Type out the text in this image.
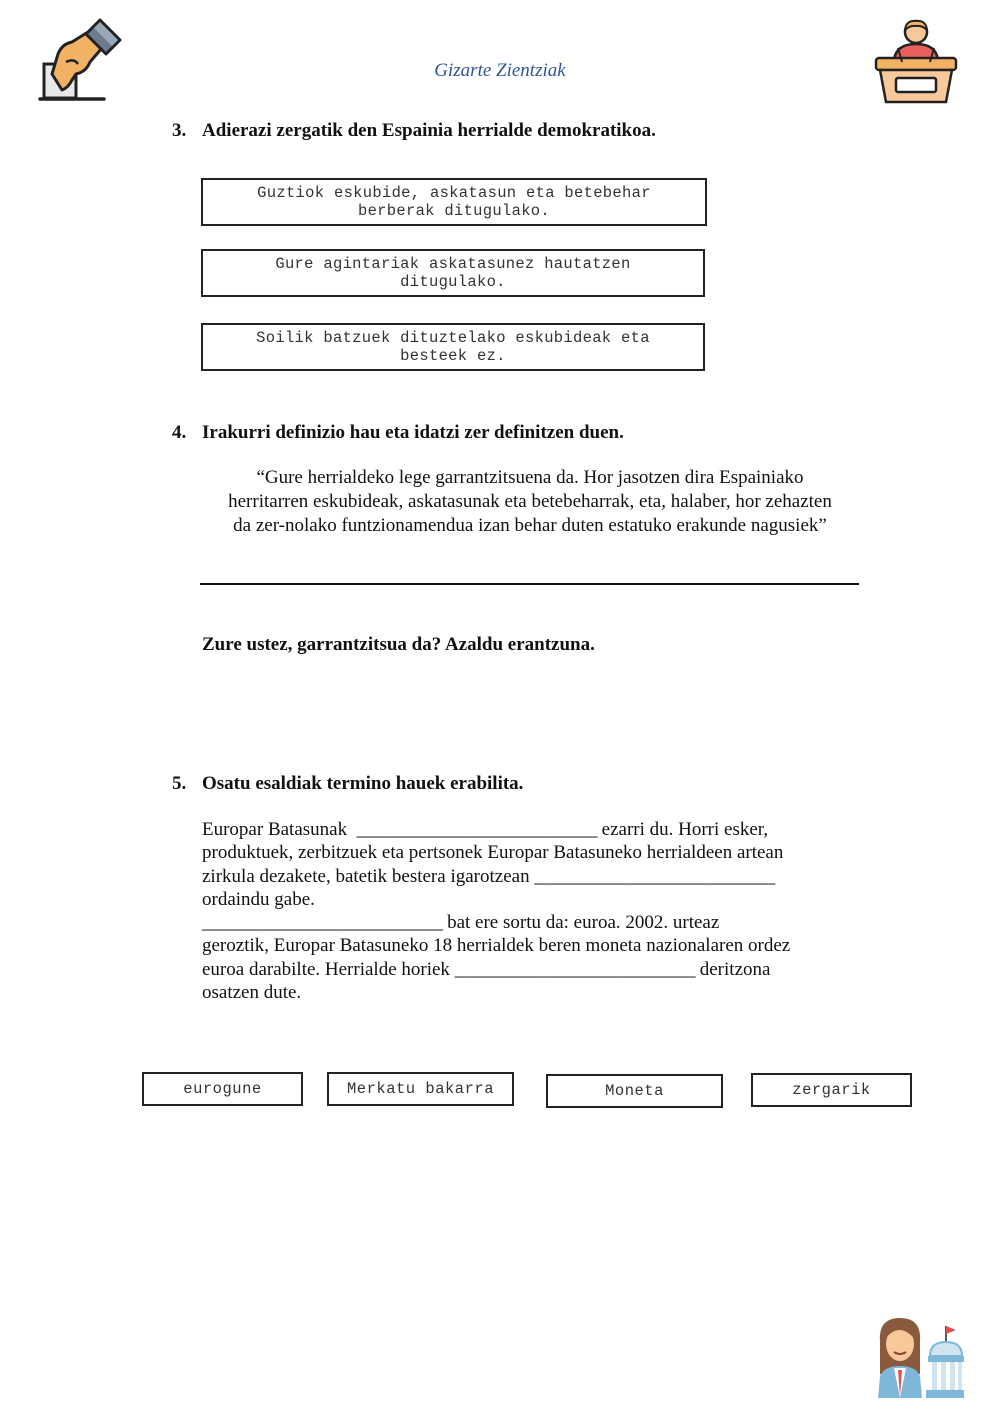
Gizarte Zientziak
3. Adierazi zergatik den Espainia herrialde demokratikoa.
Guztiok eskubide, askatasun eta betebehar
berberak ditugulako.
Gure agintariak askatasunez hautatzen
ditugulako.
Soilik batzuek dituztelako eskubideak eta
besteek ez.
4. Irakurri definizio hau eta idatzi zer definitzen duen.
“Gure herrialdeko lege garrantzitsuena da. Hor jasotzen dira Espainiako
herritarren eskubideak, askatasunak eta betebeharrak, eta, halaber, hor zehazten
da zer-nolako funtzionamendua izan behar duten estatuko erakunde nagusiek”
Zure ustez, garrantzitsua da? Azaldu erantzuna.
5. Osatu esaldiak termino hauek erabilita.
Europar Batasunak ___________________________ ezarri du. Horri esker,
produktuek, zerbitzuek eta pertsonek Europar Batasuneko herrialdeen artean
zirkula dezakete, batetik bestera igarotzean ___________________________
ordaindu gabe.
___________________________ bat ere sortu da: euroa. 2002. urteaz
geroztik, Europar Batasuneko 18 herrialdek beren moneta nazionalaren ordez
euroa darabilte. Herrialde horiek ___________________________ deritzona
osatzen dute.
eurogune	Merkatu bakarra	Moneta	zergarik
